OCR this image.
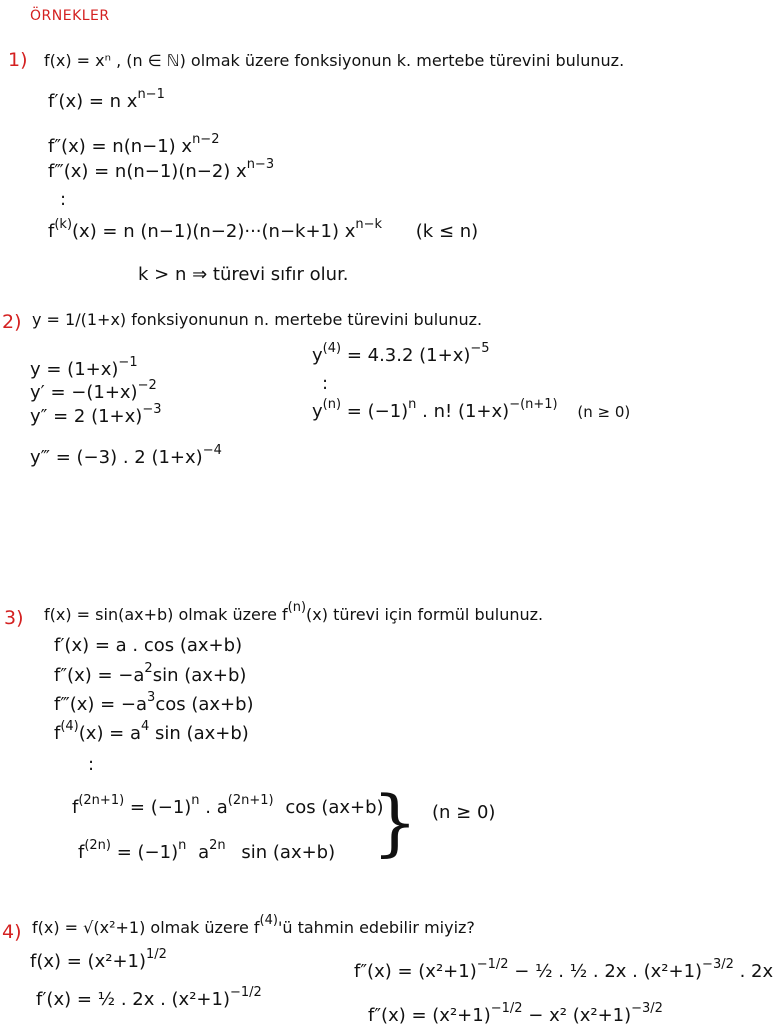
ÖRNEKLER
1) f(x) = xⁿ , (n ∈ ℕ) olmak üzere fonksiyonun k. mertebe türevini bulunuz.
f′(x) = n $x^{n-1}$
f″(x) = n(n−1) $x^{n-2}$
f‴(x) = n(n−1)(n−2) $x^{n-3}$
:
$f^{(k)}(x) = n$ (n−1)(n−2)···(n−k+1) $x^{n-k}$ (k ≤ n)
k > n ⇒ türevi sıfır olur.
2) y = 1/(1+x) fonksiyonunun n. mertebe türevini bulunuz.
$y = (1+x)^{-1}$
$y' = -(1+x)^{-2}$
y″ = 2 $(1+x)^{-3}$
y‴ = (−3) . 2 $(1+x)^{-4}$
$y^{(4)} = 4.3.2$ $(1+x)^{-5}$
:
$y^{(n)} = (-1)^n$ . n! $(1+x)^{-(n+1)}$ (n ≥ 0)
3) f(x) = sin(ax+b) olmak üzere $f^{(n)}(x)$ türevi için formül bulunuz.
f′(x) = a . cos (ax+b)
$f''(x) = -a^2\sin$ (ax+b)
f‴(x) = $-a^3\cos$ (ax+b)
$f^{(4)}(x) = a^4$ sin (ax+b)
:
$f^{(2n+1)} = (-1)^n$ . $a^{(2n+1)}$ cos (ax+b)
$f^{(2n)} = (-1)^n$ $a^{2n}$ sin (ax+b) } (n ≥ 0)
4) f(x) = √(x²+1) olmak üzere $f^{(4)}'ü$ tahmin edebilir miyiz?
$f(x) = (x^2+1)^{1/2}$
f′(x) = ½ . 2x . $(x^2+1)^{-1/2}$
$f''(x) = (x^2+1)^{-1/2}$ − ½ . ½ . 2x . $(x^2+1)^{-3/2}$ . 2x
$f''(x) = (x^2+1)^{-1/2} - x^2$ $(x^2+1)^{-3/2}$
